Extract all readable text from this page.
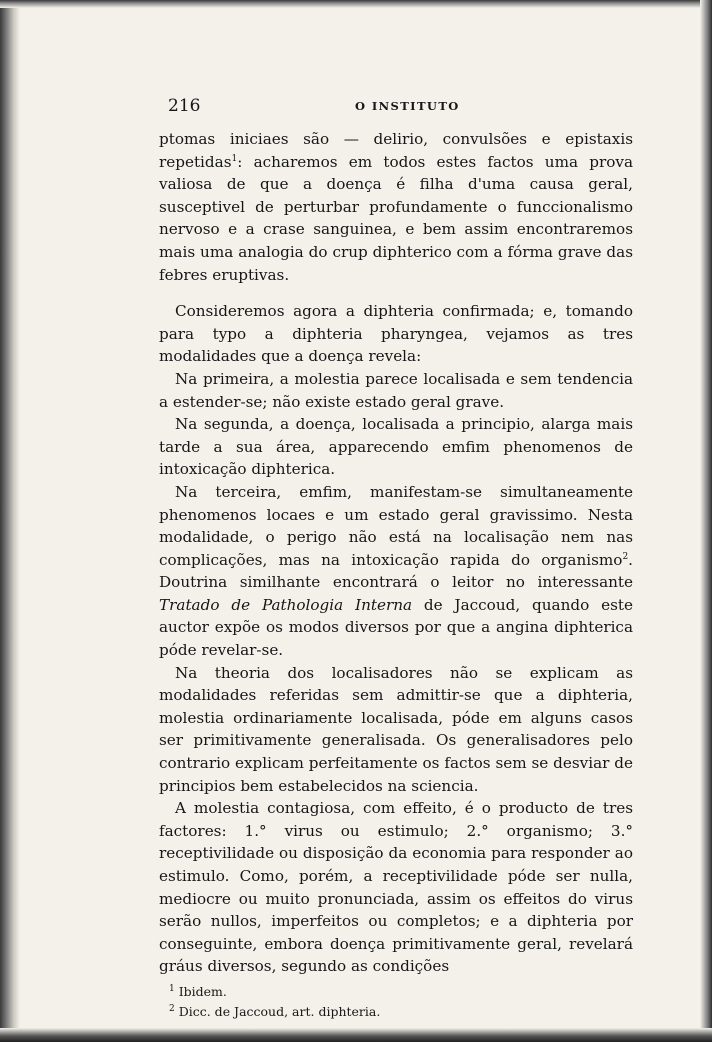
216	O INSTITUTO

ptomas iniciaes são — delirio, convulsões e epistaxis repetidas$^1$: acharemos em todos estes factos uma prova valiosa de que a doença é filha d'uma causa geral, susceptivel de perturbar profundamente o funccionalismo nervoso e a crase sanguinea, e bem assim encontraremos mais uma analogia do crup diphterico com a fórma grave das febres eruptivas.

Consideremos agora a diphteria confirmada; e, tomando para typo a diphteria pharyngea, vejamos as tres modalidades que a doença revela:

Na primeira, a molestia parece localisada e sem tendencia a estender-se; não existe estado geral grave.

Na segunda, a doença, localisada a principio, alarga mais tarde a sua área, apparecendo emfim phenomenos de intoxicação diphterica.

Na terceira, emfim, manifestam-se simultaneamente phenomenos locaes e um estado geral gravissimo. Nesta modalidade, o perigo não está na localisação nem nas complicações, mas na intoxicação rapida do organismo$^2$. Doutrina similhante encontrará o leitor no interessante Tratado de Pathologia Interna de Jaccoud, quando este auctor expõe os modos diversos por que a angina diphterica póde revelar-se.

Na theoria dos localisadores não se explicam as modalidades referidas sem admittir-se que a diphteria, molestia ordinariamente localisada, póde em alguns casos ser primitivamente generalisada. Os generalisadores pelo contrario explicam perfeitamente os factos sem se desviar de principios bem estabelecidos na sciencia.

A molestia contagiosa, com effeito, é o producto de tres factores: 1.° virus ou estimulo; 2.° organismo; 3.° receptivilidade ou disposição da economia para responder ao estimulo. Como, porém, a receptivilidade póde ser nulla, mediocre ou muito pronunciada, assim os effeitos do virus serão nullos, imperfeitos ou completos; e a diphteria por conseguinte, embora doença primitivamente geral, revelará gráus diversos, segundo as condições

$^1$ Ibidem.

$^2$ Dicc. de Jaccoud, art. diphteria.
